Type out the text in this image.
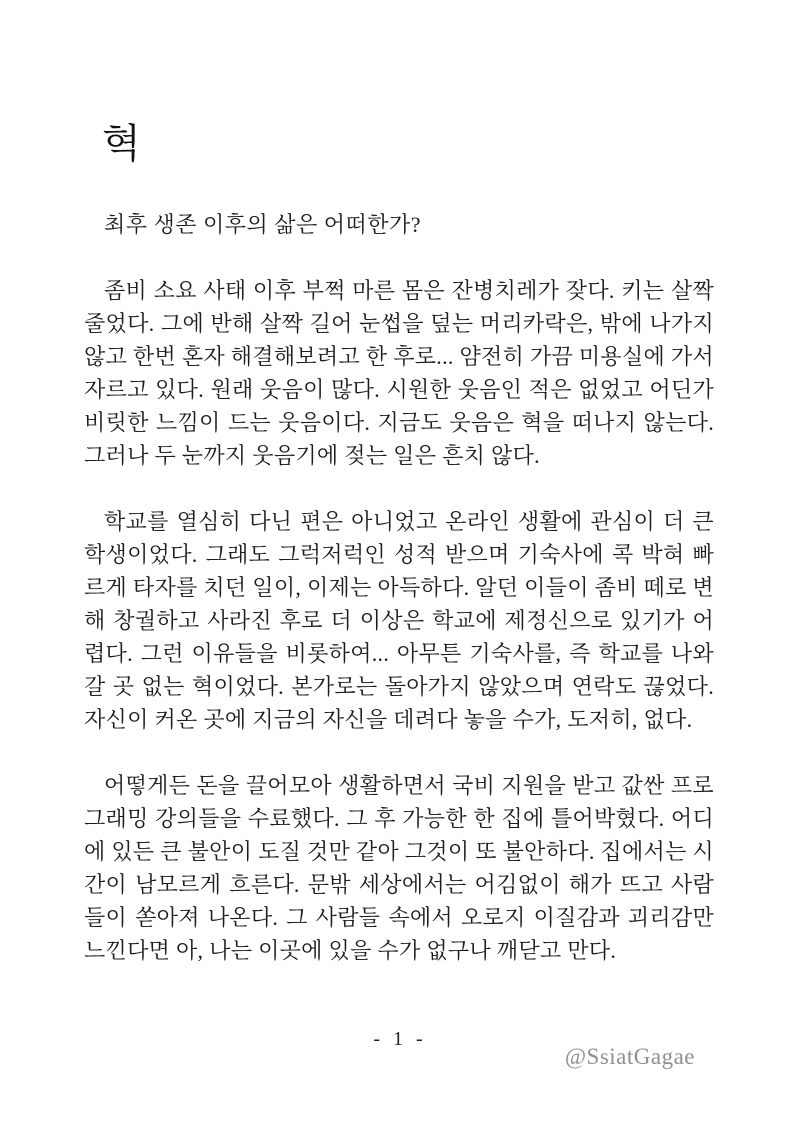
혁

최후 생존 이후의 삶은 어떠한가?

좀비 소요 사태 이후 부쩍 마른 몸은 잔병치레가 잦다. 키는 살짝 줄었다. 그에 반해 살짝 길어 눈썹을 덮는 머리카락은, 밖에 나가지 않고 한번 혼자 해결해보려고 한 후로... 얌전히 가끔 미용실에 가서 자르고 있다. 원래 웃음이 많다. 시원한 웃음인 적은 없었고 어딘가 비릿한 느낌이 드는 웃음이다. 지금도 웃음은 혁을 떠나지 않는다. 그러나 두 눈까지 웃음기에 젖는 일은 흔치 않다.

학교를 열심히 다닌 편은 아니었고 온라인 생활에 관심이 더 큰 학생이었다. 그래도 그럭저럭인 성적 받으며 기숙사에 콕 박혀 빠르게 타자를 치던 일이, 이제는 아득하다. 알던 이들이 좀비 떼로 변해 창궐하고 사라진 후로 더 이상은 학교에 제정신으로 있기가 어렵다. 그런 이유들을 비롯하여... 아무튼 기숙사를, 즉 학교를 나와 갈 곳 없는 혁이었다. 본가로는 돌아가지 않았으며 연락도 끊었다. 자신이 커온 곳에 지금의 자신을 데려다 놓을 수가, 도저히, 없다.

어떻게든 돈을 끌어모아 생활하면서 국비 지원을 받고 값싼 프로그래밍 강의들을 수료했다. 그 후 가능한 한 집에 틀어박혔다. 어디에 있든 큰 불안이 도질 것만 같아 그것이 또 불안하다. 집에서는 시간이 남모르게 흐른다. 문밖 세상에서는 어김없이 해가 뜨고 사람들이 쏟아져 나온다. 그 사람들 속에서 오로지 이질감과 괴리감만 느낀다면 아, 나는 이곳에 있을 수가 없구나 깨닫고 만다.

- 1 -
@SsiatGagae
